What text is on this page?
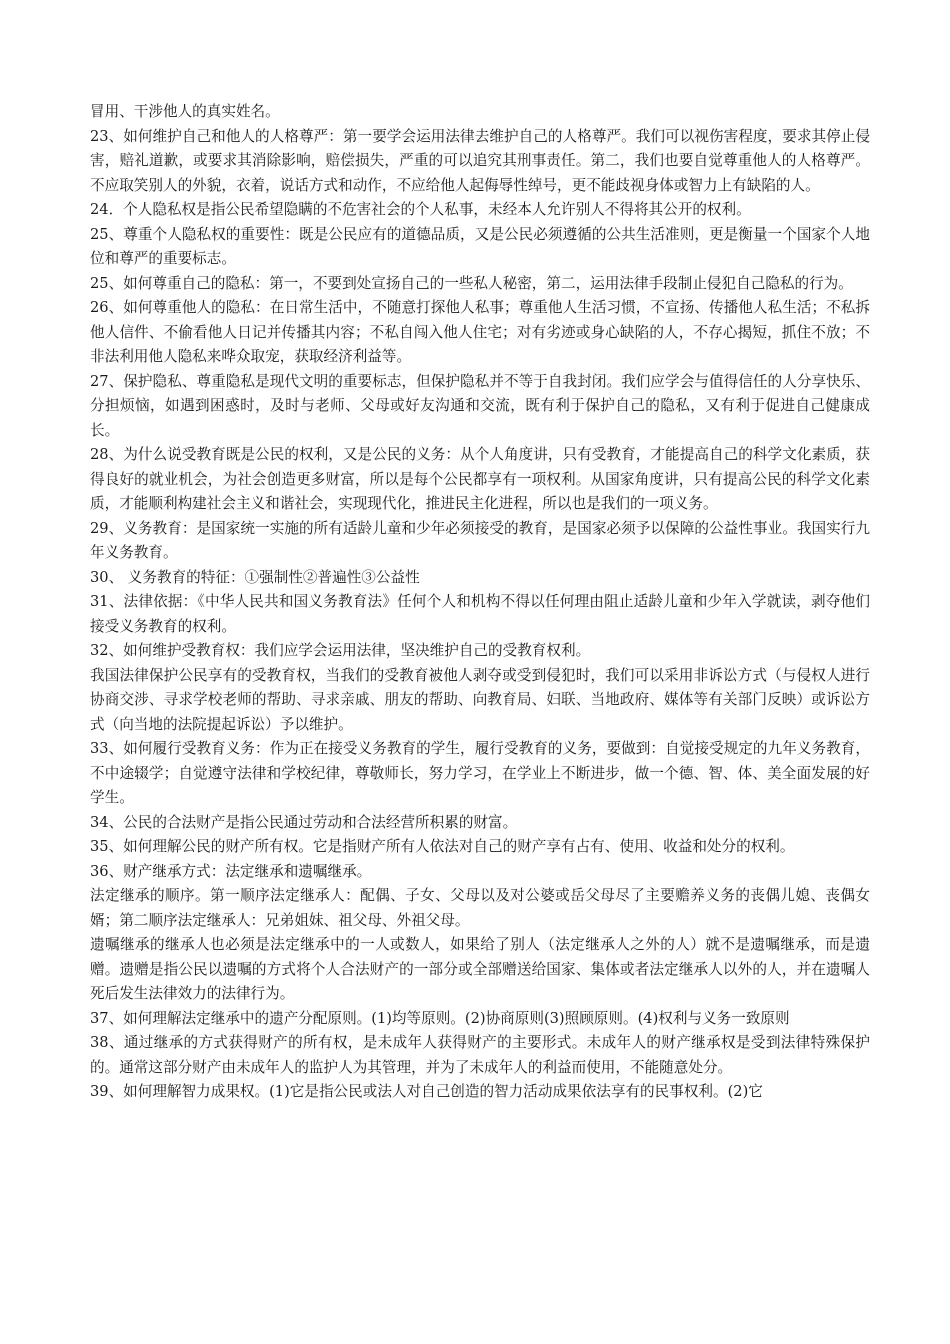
冒用、干涉他人的真实姓名。

23、如何维护自己和他人的人格尊严：第一要学会运用法律去维护自己的人格尊严。我们可以视伤害程度，要求其停止侵害，赔礼道歉，或要求其消除影响，赔偿损失，严重的可以追究其刑事责任。第二，我们也要自觉尊重他人的人格尊严。不应取笑别人的外貌，衣着，说话方式和动作，不应给他人起侮辱性绰号，更不能歧视身体或智力上有缺陷的人。

24．个人隐私权是指公民希望隐瞒的不危害社会的个人私事，未经本人允许别人不得将其公开的权利。

25、尊重个人隐私权的重要性：既是公民应有的道德品质，又是公民必须遵循的公共生活准则，更是衡量一个国家个人地位和尊严的重要标志。

25、如何尊重自己的隐私：第一，不要到处宣扬自己的一些私人秘密，第二，运用法律手段制止侵犯自己隐私的行为。

26、如何尊重他人的隐私：在日常生活中，不随意打探他人私事；尊重他人生活习惯，不宣扬、传播他人私生活；不私拆他人信件、不偷看他人日记并传播其内容；不私自闯入他人住宅；对有劣迹或身心缺陷的人，不存心揭短，抓住不放；不非法利用他人隐私来哗众取宠，获取经济利益等。

27、保护隐私、尊重隐私是现代文明的重要标志，但保护隐私并不等于自我封闭。我们应学会与值得信任的人分享快乐、分担烦恼，如遇到困惑时，及时与老师、父母或好友沟通和交流，既有利于保护自己的隐私，又有利于促进自己健康成长。

28、为什么说受教育既是公民的权利，又是公民的义务：从个人角度讲，只有受教育，才能提高自己的科学文化素质，获得良好的就业机会，为社会创造更多财富，所以是每个公民都享有一项权利。从国家角度讲，只有提高公民的科学文化素质，才能顺利构建社会主义和谐社会，实现现代化，推进民主化进程，所以也是我们的一项义务。

29、义务教育：是国家统一实施的所有适龄儿童和少年必须接受的教育，是国家必须予以保障的公益性事业。我国实行九年义务教育。

30、 义务教育的特征：①强制性②普遍性③公益性

31、法律依据：《中华人民共和国义务教育法》任何个人和机构不得以任何理由阻止适龄儿童和少年入学就读，剥夺他们接受义务教育的权利。

32、如何维护受教育权：我们应学会运用法律，坚决维护自己的受教育权利。

我国法律保护公民享有的受教育权，当我们的受教育被他人剥夺或受到侵犯时，我们可以采用非诉讼方式（与侵权人进行协商交涉、寻求学校老师的帮助、寻求亲戚、朋友的帮助、向教育局、妇联、当地政府、媒体等有关部门反映）或诉讼方式（向当地的法院提起诉讼）予以维护。

33、如何履行受教育义务：作为正在接受义务教育的学生，履行受教育的义务，要做到：自觉接受规定的九年义务教育，不中途辍学；自觉遵守法律和学校纪律，尊敬师长，努力学习，在学业上不断进步，做一个德、智、体、美全面发展的好学生。

34、公民的合法财产是指公民通过劳动和合法经营所积累的财富。

35、如何理解公民的财产所有权。它是指财产所有人依法对自己的财产享有占有、使用、收益和处分的权利。

36、财产继承方式：法定继承和遗嘱继承。

法定继承的顺序。第一顺序法定继承人：配偶、子女、父母以及对公婆或岳父母尽了主要赡养义务的丧偶儿媳、丧偶女婿；第二顺序法定继承人：兄弟姐妹、祖父母、外祖父母。

遗嘱继承的继承人也必须是法定继承中的一人或数人，如果给了别人（法定继承人之外的人）就不是遗嘱继承，而是遗赠。遗赠是指公民以遗嘱的方式将个人合法财产的一部分或全部赠送给国家、集体或者法定继承人以外的人，并在遗嘱人死后发生法律效力的法律行为。

37、如何理解法定继承中的遗产分配原则。(1)均等原则。(2)协商原则(3)照顾原则。(4)权利与义务一致原则

38、通过继承的方式获得财产的所有权，是未成年人获得财产的主要形式。未成年人的财产继承权是受到法律特殊保护的。通常这部分财产由未成年人的监护人为其管理，并为了未成年人的利益而使用，不能随意处分。

39、如何理解智力成果权。(1)它是指公民或法人对自己创造的智力活动成果依法享有的民事权利。(2)它
